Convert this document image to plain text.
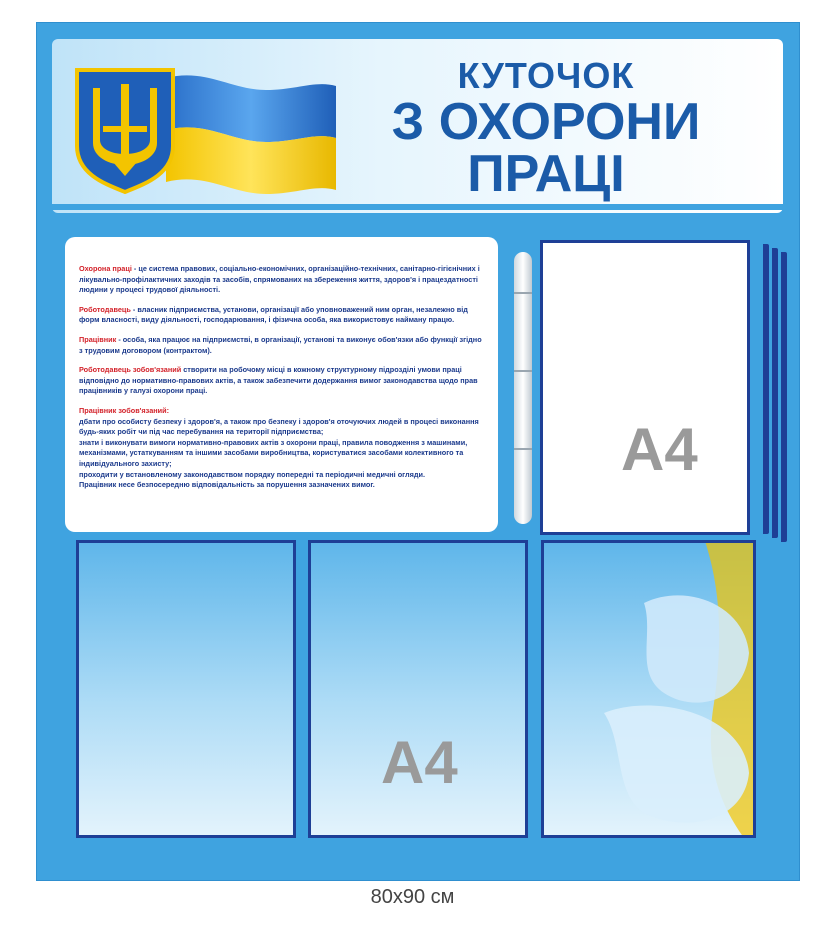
КУТОЧОК
З ОХОРОНИ
ПРАЦІ

Охорона праці - це система правових, соціально-економічних, організаційно-технічних, санітарно-гігієнічних і лікувально-профілактичних заходів та засобів, спрямованих на збереження життя, здоров'я і працездатності людини у процесі трудової діяльності.

Роботодавець - власник підприємства, установи, організації або уповноважений ним орган, незалежно від форм власності, виду діяльності, господарювання, і фізична особа, яка використовує найману працю.

Працівник - особа, яка працює на підприємстві, в організації, установі та виконує обов'язки або функції згідно з трудовим договором (контрактом).

Роботодавець зобов'язаний створити на робочому місці в кожному структурному підрозділі умови праці відповідно до нормативно-правових актів, а також забезпечити додержання вимог законодавства щодо прав працівників у галузі охорони праці.

Працівник зобов'язаний:
дбати про особисту безпеку і здоров'я, а також про безпеку і здоров'я оточуючих людей в процесі виконання будь-яких робіт чи під час перебування на території підприємства;
знати і виконувати вимоги нормативно-правових актів з охорони праці, правила поводження з машинами, механізмами, устаткуванням та іншими засобами виробництва, користуватися засобами колективного та індивідуального захисту;
проходити у встановленому законодавством порядку попередні та періодичні медичні огляди.
Працівник несе безпосередню відповідальність за порушення зазначених вимог.

A4
A4
80x90 см
